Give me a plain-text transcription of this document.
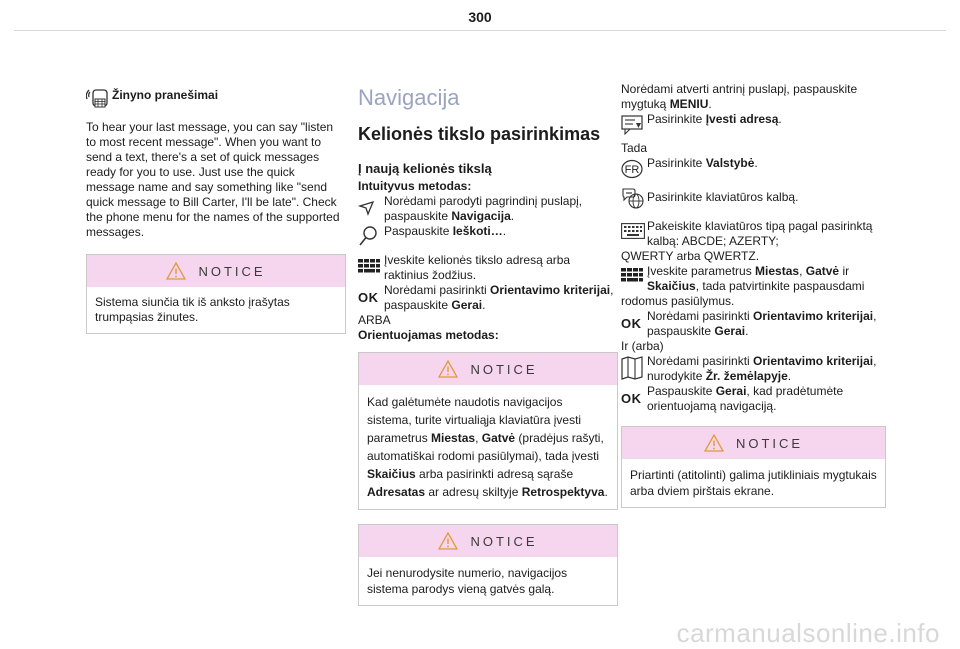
300

Žinyno pranešimai

To hear your last message, you can say "listen to most recent message". When you want to send a text, there's a set of quick messages ready for you to use. Just use the quick message name and say something like "send quick message to Bill Carter, I'll be late". Check the phone menu for the names of the supported messages.

NOTICE

Sistema siunčia tik iš anksto įrašytas trumpąsias žinutes.

Navigacija
Kelionės tikslo pasirinkimas
Į naują kelionės tikslą

Intuityvus metodas:

Norėdami parodyti pagrindinį puslapį, paspauskite Navigacija.

Paspauskite Ieškoti….

Įveskite kelionės tikslo adresą arba raktinius žodžius.

OK Norėdami pasirinkti Orientavimo kriterijai, paspauskite Gerai.

ARBA

Orientuojamas metodas:

NOTICE

Kad galėtumėte naudotis navigacijos sistema, turite virtualiąja klaviatūra įvesti parametrus Miestas, Gatvė (pradėjus rašyti, automatiškai rodomi pasiūlymai), tada įvesti Skaičius arba pasirinkti adresą sąraše Adresatas ar adresų skiltyje Retrospektyva.

NOTICE

Jei nenurodysite numerio, navigacijos sistema parodys vieną gatvės galą.

Norėdami atverti antrinį puslapį, paspauskite mygtuką MENIU.

Pasirinkite Įvesti adresą.

Tada

FR Pasirinkite Valstybė.

Pasirinkite klaviatūros kalbą.

Pakeiskite klaviatūros tipą pagal pasirinktą kalbą: ABCDE; AZERTY;

QWERTY arba QWERTZ.

Įveskite parametrus Miestas, Gatvė ir Skaičius, tada patvirtinkite paspausdami

rodomus pasiūlymus.

OK Norėdami pasirinkti Orientavimo kriterijai, paspauskite Gerai.

Ir (arba)

Norėdami pasirinkti Orientavimo kriterijai, nurodykite Žr. žemėlapyje.

OK Paspauskite Gerai, kad pradėtumėte orientuojamą navigaciją.

NOTICE

Priartinti (atitolinti) galima jutikliniais mygtukais arba dviem pirštais ekrane.

carmanualsonline.info
